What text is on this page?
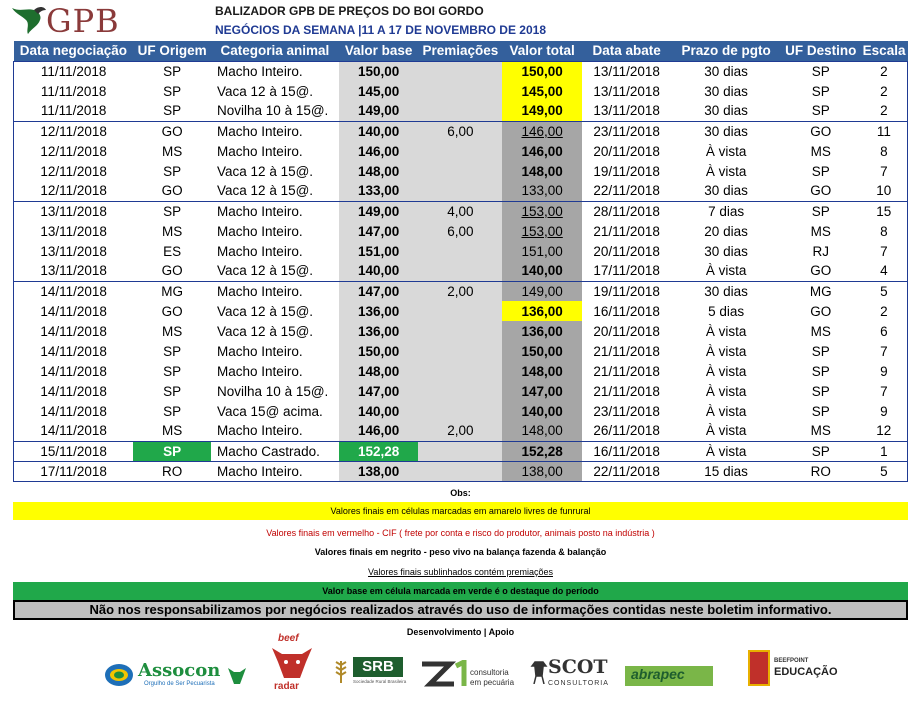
GPB	BALIZADOR GPB DE PREÇOS DO BOI GORDO
NEGÓCIOS DA SEMANA |11 A 17 DE NOVEMBRO DE 2018
Data negociação	UF Origem	Categoria animal	Valor base	Premiações	Valor total	Data abate	Prazo de pgto	UF Destino	Escala
11/11/2018	SP	Macho Inteiro.	150,00		150,00	13/11/2018	30 dias	SP	2
11/11/2018	SP	Vaca 12 à 15@.	145,00		145,00	13/11/2018	30 dias	SP	2
11/11/2018	SP	Novilha 10 à 15@.	149,00		149,00	13/11/2018	30 dias	SP	2
12/11/2018	GO	Macho Inteiro.	140,00	6,00	146,00	23/11/2018	30 dias	GO	11
12/11/2018	MS	Macho Inteiro.	146,00		146,00	20/11/2018	À vista	MS	8
12/11/2018	SP	Vaca 12 à 15@.	148,00		148,00	19/11/2018	À vista	SP	7
12/11/2018	GO	Vaca 12 à 15@.	133,00		133,00	22/11/2018	30 dias	GO	10
13/11/2018	SP	Macho Inteiro.	149,00	4,00	153,00	28/11/2018	7 dias	SP	15
13/11/2018	MS	Macho Inteiro.	147,00	6,00	153,00	21/11/2018	20 dias	MS	8
13/11/2018	ES	Macho Inteiro.	151,00		151,00	20/11/2018	30 dias	RJ	7
13/11/2018	GO	Vaca 12 à 15@.	140,00		140,00	17/11/2018	À vista	GO	4
14/11/2018	MG	Macho Inteiro.	147,00	2,00	149,00	19/11/2018	30 dias	MG	5
14/11/2018	GO	Vaca 12 à 15@.	136,00		136,00	16/11/2018	5 dias	GO	2
14/11/2018	MS	Vaca 12 à 15@.	136,00		136,00	20/11/2018	À vista	MS	6
14/11/2018	SP	Macho Inteiro.	150,00		150,00	21/11/2018	À vista	SP	7
14/11/2018	SP	Macho Inteiro.	148,00		148,00	21/11/2018	À vista	SP	9
14/11/2018	SP	Novilha 10 à 15@.	147,00		147,00	21/11/2018	À vista	SP	7
14/11/2018	SP	Vaca 15@ acima.	140,00		140,00	23/11/2018	À vista	SP	9
14/11/2018	MS	Macho Inteiro.	146,00	2,00	148,00	26/11/2018	À vista	MS	12
15/11/2018	SP	Macho Castrado.	152,28		152,28	16/11/2018	À vista	SP	1
17/11/2018	RO	Macho Inteiro.	138,00		138,00	22/11/2018	15 dias	RO	5
Obs:
Valores finais em células marcadas em amarelo livres de funrural
Valores finais em vermelho - CIF ( frete por conta e risco do produtor, animais posto na indústria )
Valores finais em negrito - peso vivo na balança fazenda & balanção
Valores finais sublinhados contém premiações
Valor base em célula marcada em verde é o destaque do período
Não nos responsabilizamos por negócios realizados através do uso de informações contidas neste boletim informativo.
Desenvolvimento | Apoio
Assocon
Orgulho de Ser Pecuarista
beef
radar
SRB
Sociedade Rural Brasileira
consultoria
em pecuária
SCOT
CONSULTORIA
abrapec
BEEFPOINT
EDUCAÇÃO
